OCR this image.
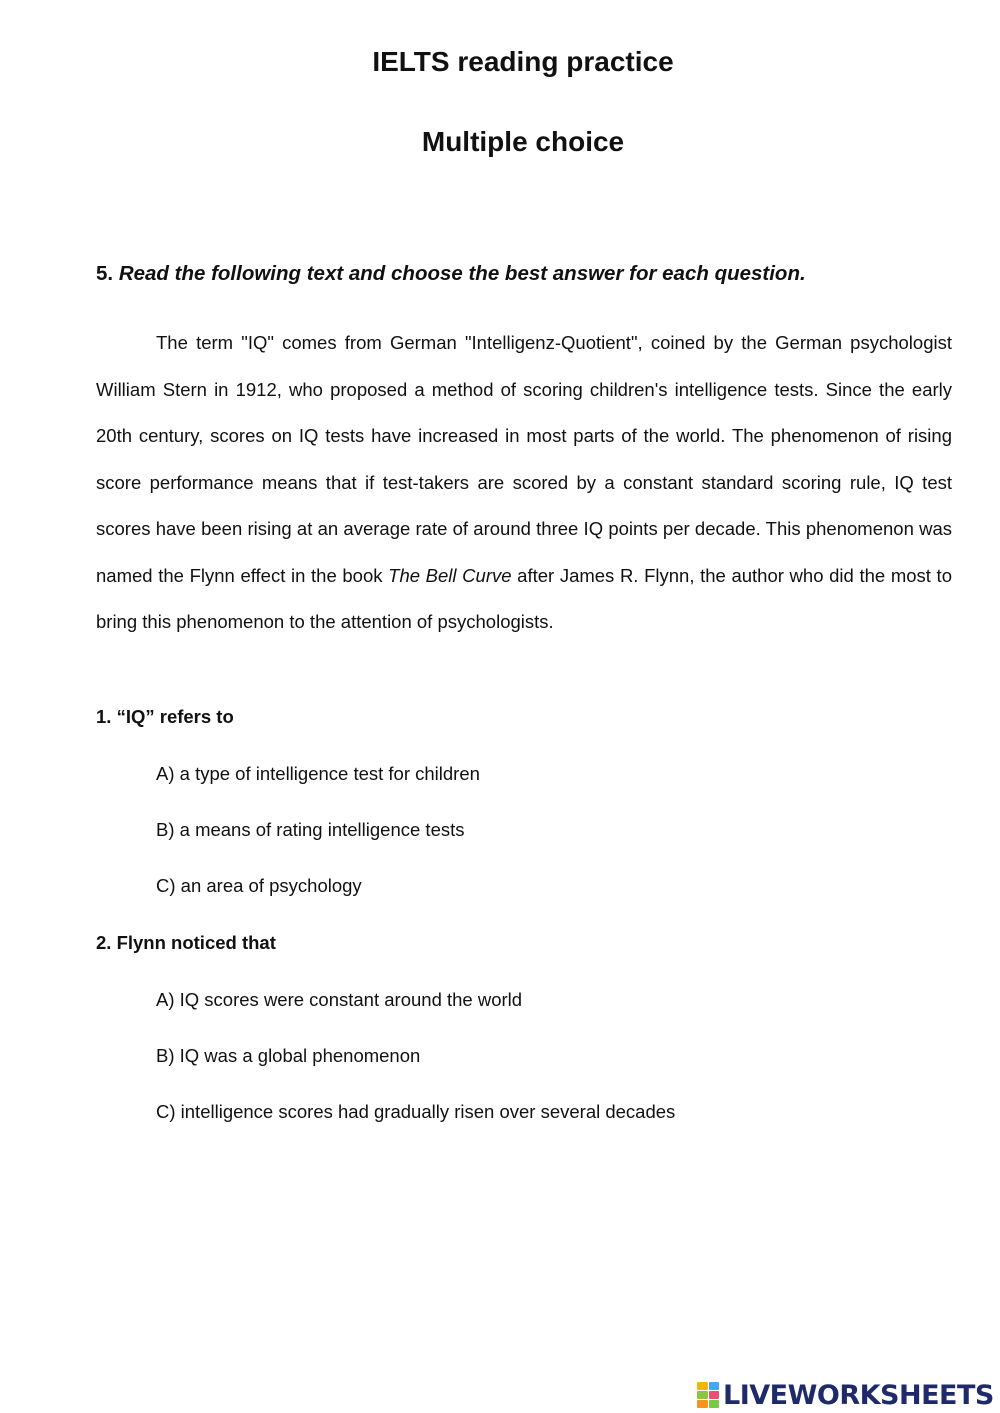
IELTS reading practice
Multiple choice

5. Read the following text and choose the best answer for each question.

The term "IQ" comes from German "Intelligenz-Quotient", coined by the German psychologist William Stern in 1912, who proposed a method of scoring children's intelligence tests. Since the early 20th century, scores on IQ tests have increased in most parts of the world. The phenomenon of rising score performance means that if test-takers are scored by a constant standard scoring rule, IQ test scores have been rising at an average rate of around three IQ points per decade. This phenomenon was named the Flynn effect in the book The Bell Curve after James R. Flynn, the author who did the most to bring this phenomenon to the attention of psychologists.

1. “IQ” refers to

A) a type of intelligence test for children

B) a means of rating intelligence tests

C) an area of psychology

2. Flynn noticed that

A) IQ scores were constant around the world

B) IQ was a global phenomenon

C) intelligence scores had gradually risen over several decades

LIVEWORKSHEETS
